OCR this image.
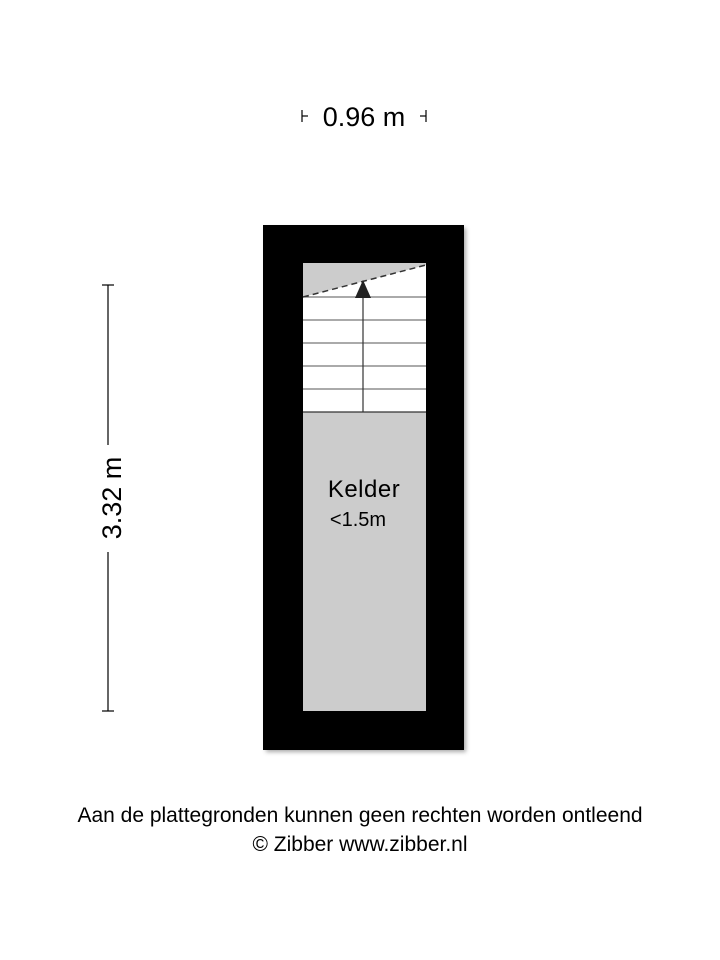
0.96 m
3.32 m	Kelder
<1.5m
Aan de plattegronden kunnen geen rechten worden ontleend
© Zibber www.zibber.nl
